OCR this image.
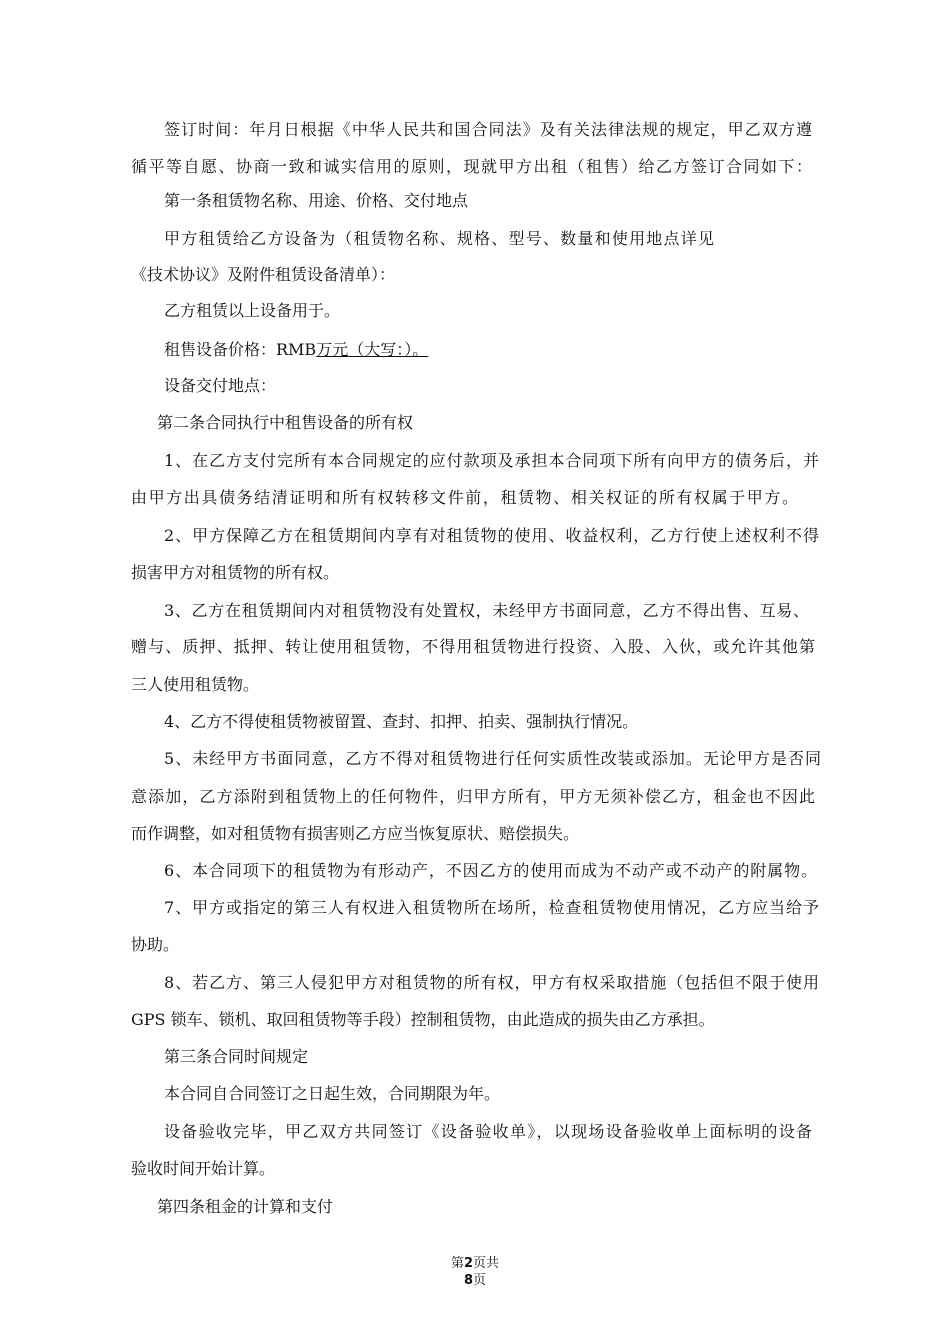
签订时间：年月日根据《中华人民共和国合同法》及有关法律法规的规定，甲乙双方遵
循平等自愿、协商一致和诚实信用的原则，现就甲方出租（租售）给乙方签订合同如下：
第一条租赁物名称、用途、价格、交付地点
甲方租赁给乙方设备为（租赁物名称、规格、型号、数量和使用地点详见
《技术协议》及附件租赁设备清单）：
乙方租赁以上设备用于。
租售设备价格：RMB万元（大写：）。
设备交付地点：
第二条合同执行中租售设备的所有权
1、在乙方支付完所有本合同规定的应付款项及承担本合同项下所有向甲方的债务后，并
由甲方出具债务结清证明和所有权转移文件前，租赁物、相关权证的所有权属于甲方。
2、甲方保障乙方在租赁期间内享有对租赁物的使用、收益权利，乙方行使上述权利不得
损害甲方对租赁物的所有权。
3、乙方在租赁期间内对租赁物没有处置权，未经甲方书面同意，乙方不得出售、互易、
赠与、质押、抵押、转让使用租赁物，不得用租赁物进行投资、入股、入伙，或允许其他第
三人使用租赁物。
4、乙方不得使租赁物被留置、查封、扣押、拍卖、强制执行情况。
5、未经甲方书面同意，乙方不得对租赁物进行任何实质性改装或添加。无论甲方是否同
意添加，乙方添附到租赁物上的任何物件，归甲方所有，甲方无须补偿乙方，租金也不因此
而作调整，如对租赁物有损害则乙方应当恢复原状、赔偿损失。
6、本合同项下的租赁物为有形动产，不因乙方的使用而成为不动产或不动产的附属物。
7、甲方或指定的第三人有权进入租赁物所在场所，检查租赁物使用情况，乙方应当给予
协助。
8、若乙方、第三人侵犯甲方对租赁物的所有权，甲方有权采取措施（包括但不限于使用
GPS 锁车、锁机、取回租赁物等手段）控制租赁物，由此造成的损失由乙方承担。
第三条合同时间规定
本合同自合同签订之日起生效，合同期限为年。
设备验收完毕，甲乙双方共同签订《设备验收单》，以现场设备验收单上面标明的设备
验收时间开始计算。
第四条租金的计算和支付
第2页共
8页
